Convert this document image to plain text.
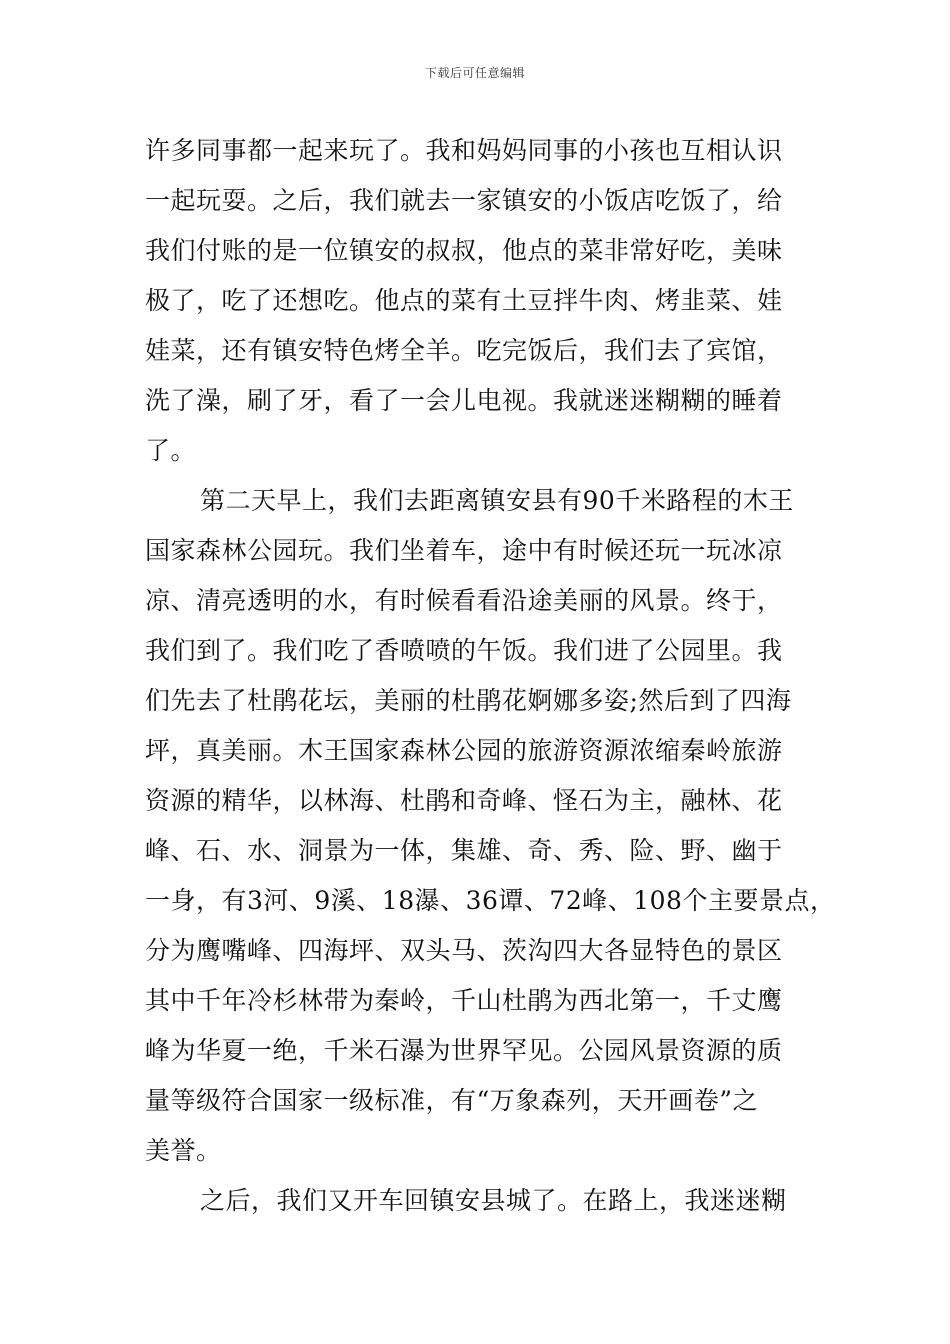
下载后可任意编辑
许多同事都一起来玩了。我和妈妈同事的小孩也互相认识
一起玩耍。之后，我们就去一家镇安的小饭店吃饭了，给
我们付账的是一位镇安的叔叔，他点的菜非常好吃，美味
极了，吃了还想吃。他点的菜有土豆拌牛肉、烤韭菜、娃
娃菜，还有镇安特色烤全羊。吃完饭后，我们去了宾馆，
洗了澡，刷了牙，看了一会儿电视。我就迷迷糊糊的睡着
了。
第二天早上，我们去距离镇安县有90千米路程的木王
国家森林公园玩。我们坐着车，途中有时候还玩一玩冰凉
凉、清亮透明的水，有时候看看沿途美丽的风景。终于，
我们到了。我们吃了香喷喷的午饭。我们进了公园里。我
们先去了杜鹃花坛，美丽的杜鹃花婀娜多姿;然后到了四海
坪，真美丽。木王国家森林公园的旅游资源浓缩秦岭旅游
资源的精华，以林海、杜鹃和奇峰、怪石为主，融林、花
峰、石、水、洞景为一体，集雄、奇、秀、险、野、幽于
一身，有3河、9溪、18瀑、36谭、72峰、108个主要景点，
分为鹰嘴峰、四海坪、双头马、茨沟四大各显特色的景区
其中千年冷杉林带为秦岭，千山杜鹃为西北第一，千丈鹰
峰为华夏一绝，千米石瀑为世界罕见。公园风景资源的质
量等级符合国家一级标准，有“万象森列，天开画卷”之
美誉。
之后，我们又开车回镇安县城了。在路上，我迷迷糊
